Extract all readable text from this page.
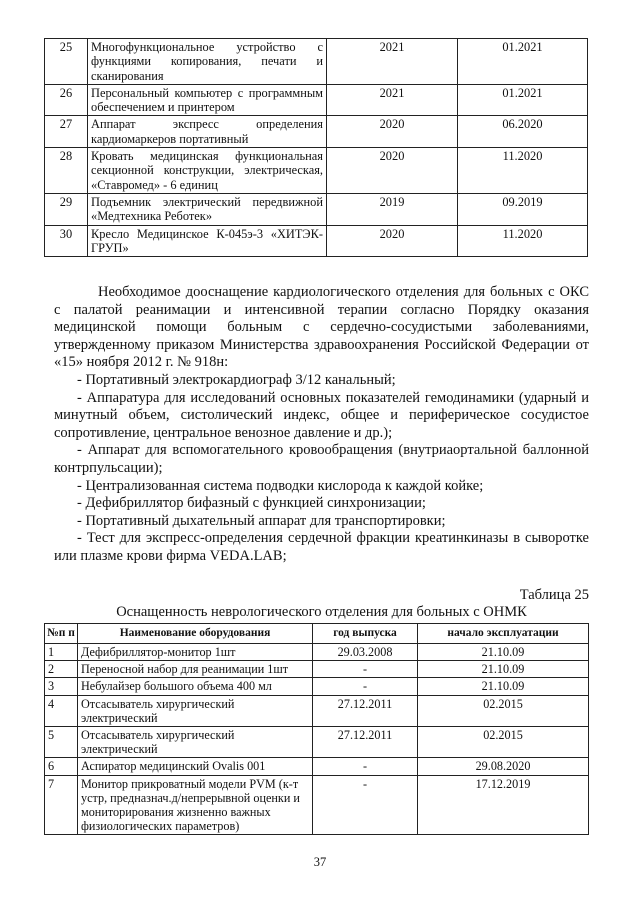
25	Многофункциональное устройство с функциями копирования, печати и сканирования	2021	01.2021
26	Персональный компьютер с программным обеспечением и принтером	2021	01.2021
27	Аппарат экспресс определения кардиомаркеров портативный	2020	06.2020
28	Кровать медицинская функциональная секционной конструкции, электрическая, «Ставромед» - 6 единиц	2020	11.2020
29	Подъемник электрический передвижной «Медтехника Реботек»	2019	09.2019
30	Кресло Медицинское К-045э-3 «ХИТЭК-ГРУП»	2020	11.2020

Необходимое дооснащение кардиологического отделения для больных с ОКС с палатой реанимации и интенсивной терапии согласно Порядку оказания медицинской помощи больным с сердечно-сосудистыми заболеваниями, утвержденному приказом Министерства здравоохранения Российской Федерации от «15» ноября 2012 г. № 918н:

- Портативный электрокардиограф 3/12 канальный;

- Аппаратура для исследований основных показателей гемодинамики (ударный и минутный объем, систолический индекс, общее и периферическое сосудистое сопротивление, центральное венозное давление и др.);

- Аппарат для вспомогательного кровообращения (внутриаортальной баллонной контрпульсации);

- Централизованная система подводки кислорода к каждой койке;

- Дефибриллятор бифазный с функцией синхронизации;

- Портативный дыхательный аппарат для транспортировки;

- Тест для экспресс-определения сердечной фракции креатинкиназы в сыворотке или плазме крови фирма VEDA.LAB;

Таблица 25
Оснащенность неврологического отделения для больных с ОНМК
№п п	Наименование оборудования	год выпуска	начало эксплуатации
1	Дефибриллятор-монитор 1шт	29.03.2008	21.10.09
2	Переносной набор для реанимации 1шт	-	21.10.09
3	Небулайзер большого объема 400 мл	-	21.10.09
4	Отсасыватель хирургический электрический	27.12.2011	02.2015
5	Отсасыватель хирургический электрический	27.12.2011	02.2015
6	Аспиратор медицинский Ovalis 001	-	29.08.2020
7	Монитор прикроватный модели PVM (к-т устр, предназнач.д/непрерывной оценки и мониторирования жизненно важных физиологических параметров)	-	17.12.2019
37
